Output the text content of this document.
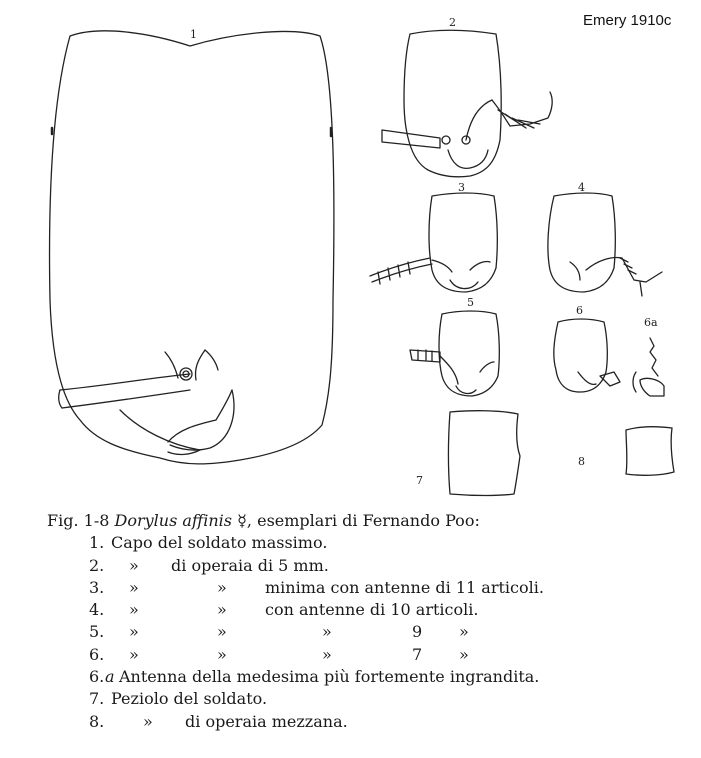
1
2
3	4
5
6
6a
7
8
Emery 1910c
Fig. 1-8 Dorylus affinis ☿, esemplari di Fernando Poo:
1. Capo del soldato massimo.
2. » di operaia di 5 mm.
3. »	» minima con antenne di 11 articoli.
4. »	» con antenne di 10 articoli.
5. »	»	»	9 »
6. »	»	»	7 »
6. a Antenna della medesima più fortemente ingrandita.
7. Peziolo del soldato.
8. » di operaia mezzana.
